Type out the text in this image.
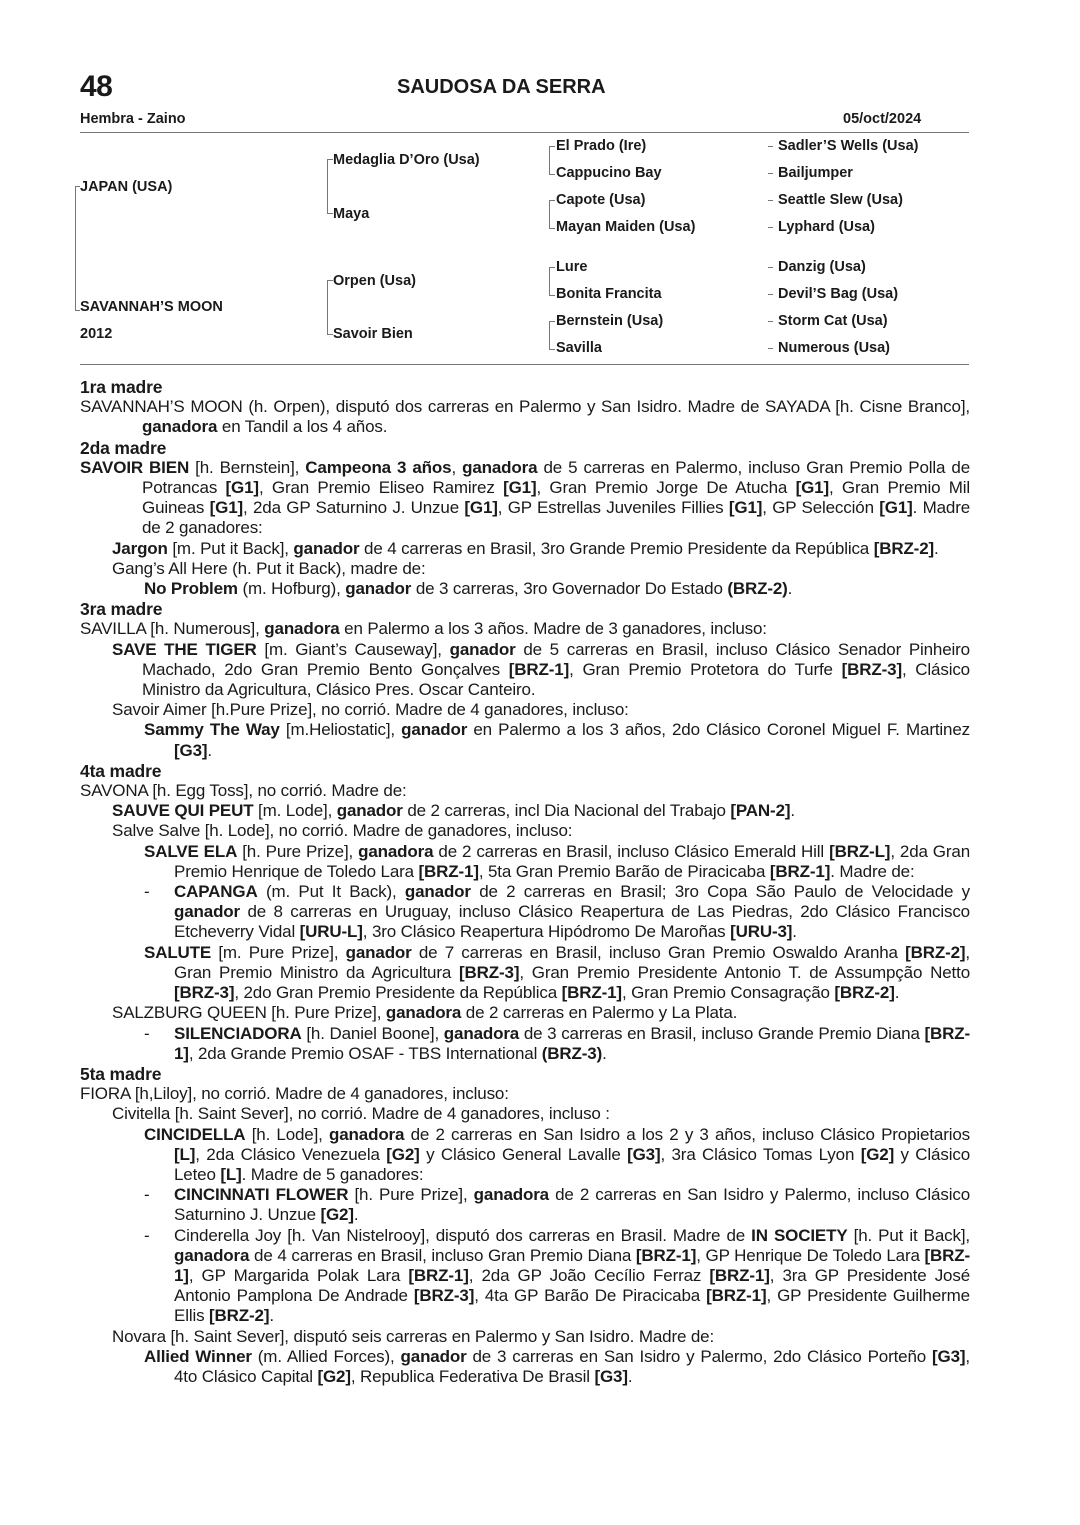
48	SAUDOSA DA SERRA
Hembra - Zaino	05/oct/2024
JAPAN (USA)
SAVANNAH’S MOON
2012
Medaglia D’Oro (Usa)
Maya
Orpen (Usa)
Savoir Bien
El Prado (Ire)
Cappucino Bay
Capote (Usa)
Mayan Maiden (Usa)
Lure
Bonita Francita
Bernstein (Usa)
Savilla
Sadler’S Wells (Usa)
Bailjumper
Seattle Slew (Usa)
Lyphard (Usa)
Danzig (Usa)
Devil’S Bag (Usa)
Storm Cat (Usa)
Numerous (Usa)

1ra madre

SAVANNAH’S MOON (h. Orpen), disputó dos carreras en Palermo y San Isidro. Madre de SAYADA [h. Cisne Branco], ganadora en Tandil a los 4 años.

2da madre

SAVOIR BIEN [h. Bernstein], Campeona 3 años, ganadora de 5 carreras en Palermo, incluso Gran Premio Polla de Potrancas [G1], Gran Premio Eliseo Ramirez [G1], Gran Premio Jorge De Atucha [G1], Gran Premio Mil Guineas [G1], 2da GP Saturnino J. Unzue [G1], GP Estrellas Juveniles Fillies [G1], GP Selección [G1]. Madre de 2 ganadores:

Jargon [m. Put it Back], ganador de 4 carreras en Brasil, 3ro Grande Premio Presidente da República [BRZ-2].

Gang’s All Here (h. Put it Back), madre de:

No Problem (m. Hofburg), ganador de 3 carreras, 3ro Governador Do Estado (BRZ-2).

3ra madre

SAVILLA [h. Numerous], ganadora en Palermo a los 3 años. Madre de 3 ganadores, incluso:

SAVE THE TIGER [m. Giant’s Causeway], ganador de 5 carreras en Brasil, incluso Clásico Senador Pinheiro Machado, 2do Gran Premio Bento Gonçalves [BRZ-1], Gran Premio Protetora do Turfe [BRZ-3], Clásico Ministro da Agricultura, Clásico Pres. Oscar Canteiro.

Savoir Aimer [h.Pure Prize], no corrió. Madre de 4 ganadores, incluso:

Sammy The Way [m.Heliostatic], ganador en Palermo a los 3 años, 2do Clásico Coronel Miguel F. Martinez [G3].

4ta madre

SAVONA [h. Egg Toss], no corrió. Madre de:

SAUVE QUI PEUT [m. Lode], ganador de 2 carreras, incl Dia Nacional del Trabajo [PAN-2].

Salve Salve [h. Lode], no corrió. Madre de ganadores, incluso:

SALVE ELA [h. Pure Prize], ganadora de 2 carreras en Brasil, incluso Clásico Emerald Hill [BRZ-L], 2da Gran Premio Henrique de Toledo Lara [BRZ-1], 5ta Gran Premio Barão de Piracicaba [BRZ-1]. Madre de:

- CAPANGA (m. Put It Back), ganador de 2 carreras en Brasil; 3ro Copa São Paulo de Velocidade y ganador de 8 carreras en Uruguay, incluso Clásico Reapertura de Las Piedras, 2do Clásico Francisco Etcheverry Vidal [URU-L], 3ro Clásico Reapertura Hipódromo De Maroñas [URU-3].

SALUTE [m. Pure Prize], ganador de 7 carreras en Brasil, incluso Gran Premio Oswaldo Aranha [BRZ-2], Gran Premio Ministro da Agricultura [BRZ-3], Gran Premio Presidente Antonio T. de Assumpção Netto [BRZ-3], 2do Gran Premio Presidente da República [BRZ-1], Gran Premio Consagração [BRZ-2].

SALZBURG QUEEN [h. Pure Prize], ganadora de 2 carreras en Palermo y La Plata.

- SILENCIADORA [h. Daniel Boone], ganadora de 3 carreras en Brasil, incluso Grande Premio Diana [BRZ-1], 2da Grande Premio OSAF - TBS International (BRZ-3).

5ta madre

FIORA [h,Liloy], no corrió. Madre de 4 ganadores, incluso:

Civitella [h. Saint Sever], no corrió. Madre de 4 ganadores, incluso :

CINCIDELLA [h. Lode], ganadora de 2 carreras en San Isidro a los 2 y 3 años, incluso Clásico Propietarios [L], 2da Clásico Venezuela [G2] y Clásico General Lavalle [G3], 3ra Clásico Tomas Lyon [G2] y Clásico Leteo [L]. Madre de 5 ganadores:

- CINCINNATI FLOWER [h. Pure Prize], ganadora de 2 carreras en San Isidro y Palermo, incluso Clásico Saturnino J. Unzue [G2].

- Cinderella Joy [h. Van Nistelrooy], disputó dos carreras en Brasil. Madre de IN SOCIETY [h. Put it Back], ganadora de 4 carreras en Brasil, incluso Gran Premio Diana [BRZ-1], GP Henrique De Toledo Lara [BRZ-1], GP Margarida Polak Lara [BRZ-1], 2da GP João Cecílio Ferraz [BRZ-1], 3ra GP Presidente José Antonio Pamplona De Andrade [BRZ-3], 4ta GP Barão De Piracicaba [BRZ-1], GP Presidente Guilherme Ellis [BRZ-2].

Novara [h. Saint Sever], disputó seis carreras en Palermo y San Isidro. Madre de:

Allied Winner (m. Allied Forces), ganador de 3 carreras en San Isidro y Palermo, 2do Clásico Porteño [G3], 4to Clásico Capital [G2], Republica Federativa De Brasil [G3].
